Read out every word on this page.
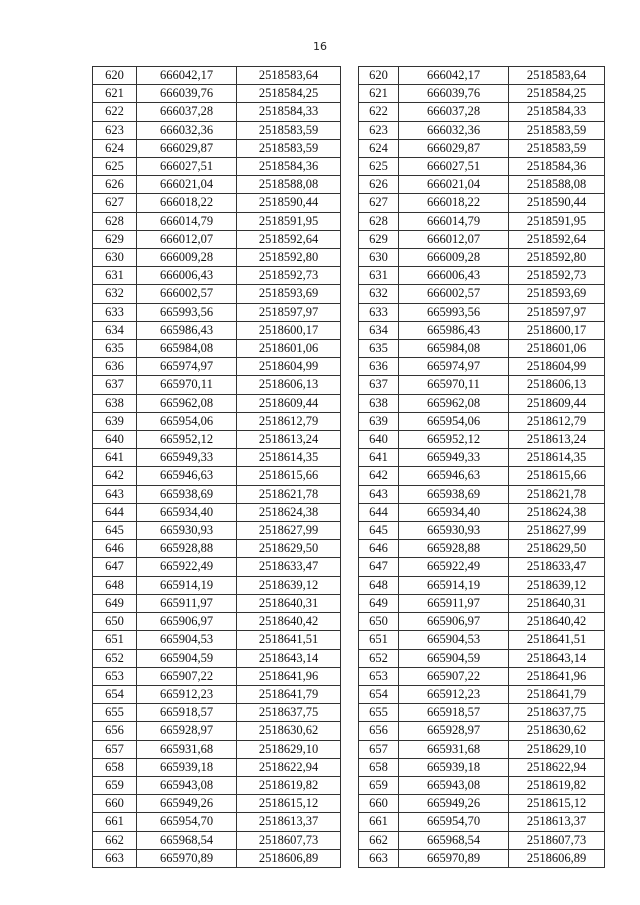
16
620	666042,17	2518583,64
621	666039,76	2518584,25
622	666037,28	2518584,33
623	666032,36	2518583,59
624	666029,87	2518583,59
625	666027,51	2518584,36
626	666021,04	2518588,08
627	666018,22	2518590,44
628	666014,79	2518591,95
629	666012,07	2518592,64
630	666009,28	2518592,80
631	666006,43	2518592,73
632	666002,57	2518593,69
633	665993,56	2518597,97
634	665986,43	2518600,17
635	665984,08	2518601,06
636	665974,97	2518604,99
637	665970,11	2518606,13
638	665962,08	2518609,44
639	665954,06	2518612,79
640	665952,12	2518613,24
641	665949,33	2518614,35
642	665946,63	2518615,66
643	665938,69	2518621,78
644	665934,40	2518624,38
645	665930,93	2518627,99
646	665928,88	2518629,50
647	665922,49	2518633,47
648	665914,19	2518639,12
649	665911,97	2518640,31
650	665906,97	2518640,42
651	665904,53	2518641,51
652	665904,59	2518643,14
653	665907,22	2518641,96
654	665912,23	2518641,79
655	665918,57	2518637,75
656	665928,97	2518630,62
657	665931,68	2518629,10
658	665939,18	2518622,94
659	665943,08	2518619,82
660	665949,26	2518615,12
661	665954,70	2518613,37
662	665968,54	2518607,73
663	665970,89	2518606,89
620	666042,17	2518583,64
621	666039,76	2518584,25
622	666037,28	2518584,33
623	666032,36	2518583,59
624	666029,87	2518583,59
625	666027,51	2518584,36
626	666021,04	2518588,08
627	666018,22	2518590,44
628	666014,79	2518591,95
629	666012,07	2518592,64
630	666009,28	2518592,80
631	666006,43	2518592,73
632	666002,57	2518593,69
633	665993,56	2518597,97
634	665986,43	2518600,17
635	665984,08	2518601,06
636	665974,97	2518604,99
637	665970,11	2518606,13
638	665962,08	2518609,44
639	665954,06	2518612,79
640	665952,12	2518613,24
641	665949,33	2518614,35
642	665946,63	2518615,66
643	665938,69	2518621,78
644	665934,40	2518624,38
645	665930,93	2518627,99
646	665928,88	2518629,50
647	665922,49	2518633,47
648	665914,19	2518639,12
649	665911,97	2518640,31
650	665906,97	2518640,42
651	665904,53	2518641,51
652	665904,59	2518643,14
653	665907,22	2518641,96
654	665912,23	2518641,79
655	665918,57	2518637,75
656	665928,97	2518630,62
657	665931,68	2518629,10
658	665939,18	2518622,94
659	665943,08	2518619,82
660	665949,26	2518615,12
661	665954,70	2518613,37
662	665968,54	2518607,73
663	665970,89	2518606,89
